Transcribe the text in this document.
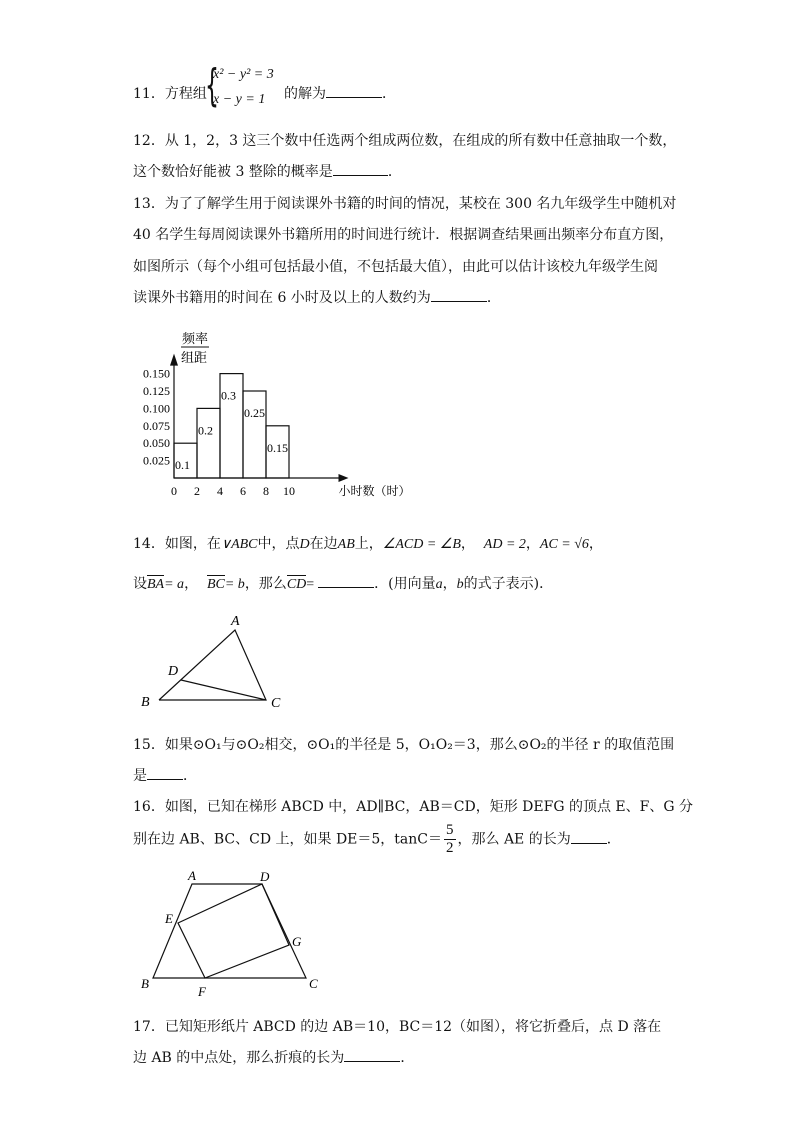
11．方程组
{
x² − y² = 3
x − y = 1 的解为	．
12．从 1，2，3 这三个数中任选两个组成两位数，在组成的所有数中任意抽取一个数，
这个数恰好能被 3 整除的概率是	．
13．为了了解学生用于阅读课外书籍的时间的情况，某校在 300 名九年级学生中随机对
40 名学生每周阅读课外书籍所用的时间进行统计．根据调查结果画出频率分布直方图，
如图所示（每个小组可包括最小值，不包括最大值），由此可以估计该校九年级学生阅
读课外书籍用的时间在 6 小时及以上的人数约为	．
频率
组距
0.150
0.125
0.100
0.075
0.050
0.025
0 2 4 6 8 10	小时数（时）
0.1
0.2
0.3
0.25
0.15
14．如图，在∨ABC中，点D在边AB上，∠ACD = ∠B， AD = 2，AC = √6，
设BA= a， BC= b，那么CD=	．(用向量a，b的式子表示)．
A
D
B	C
15．如果⊙O₁与⊙O₂相交，⊙O₁的半径是 5，O₁O₂＝3，那么⊙O₂的半径 r 的取值范围
是	．
16．如图，已知在梯形 ABCD 中，AD∥BC，AB＝CD，矩形 DEFG 的顶点 E、F、G 分
别在边 AB、BC、CD 上，如果 DE＝5，$\tan C= \frac{5}{2}$ ，那么 AE 的长为	．
A	D
E
G
B
F
C
17．已知矩形纸片 ABCD 的边 AB＝10，BC＝12（如图），将它折叠后，点 D 落在
边 AB 的中点处，那么折痕的长为	．
